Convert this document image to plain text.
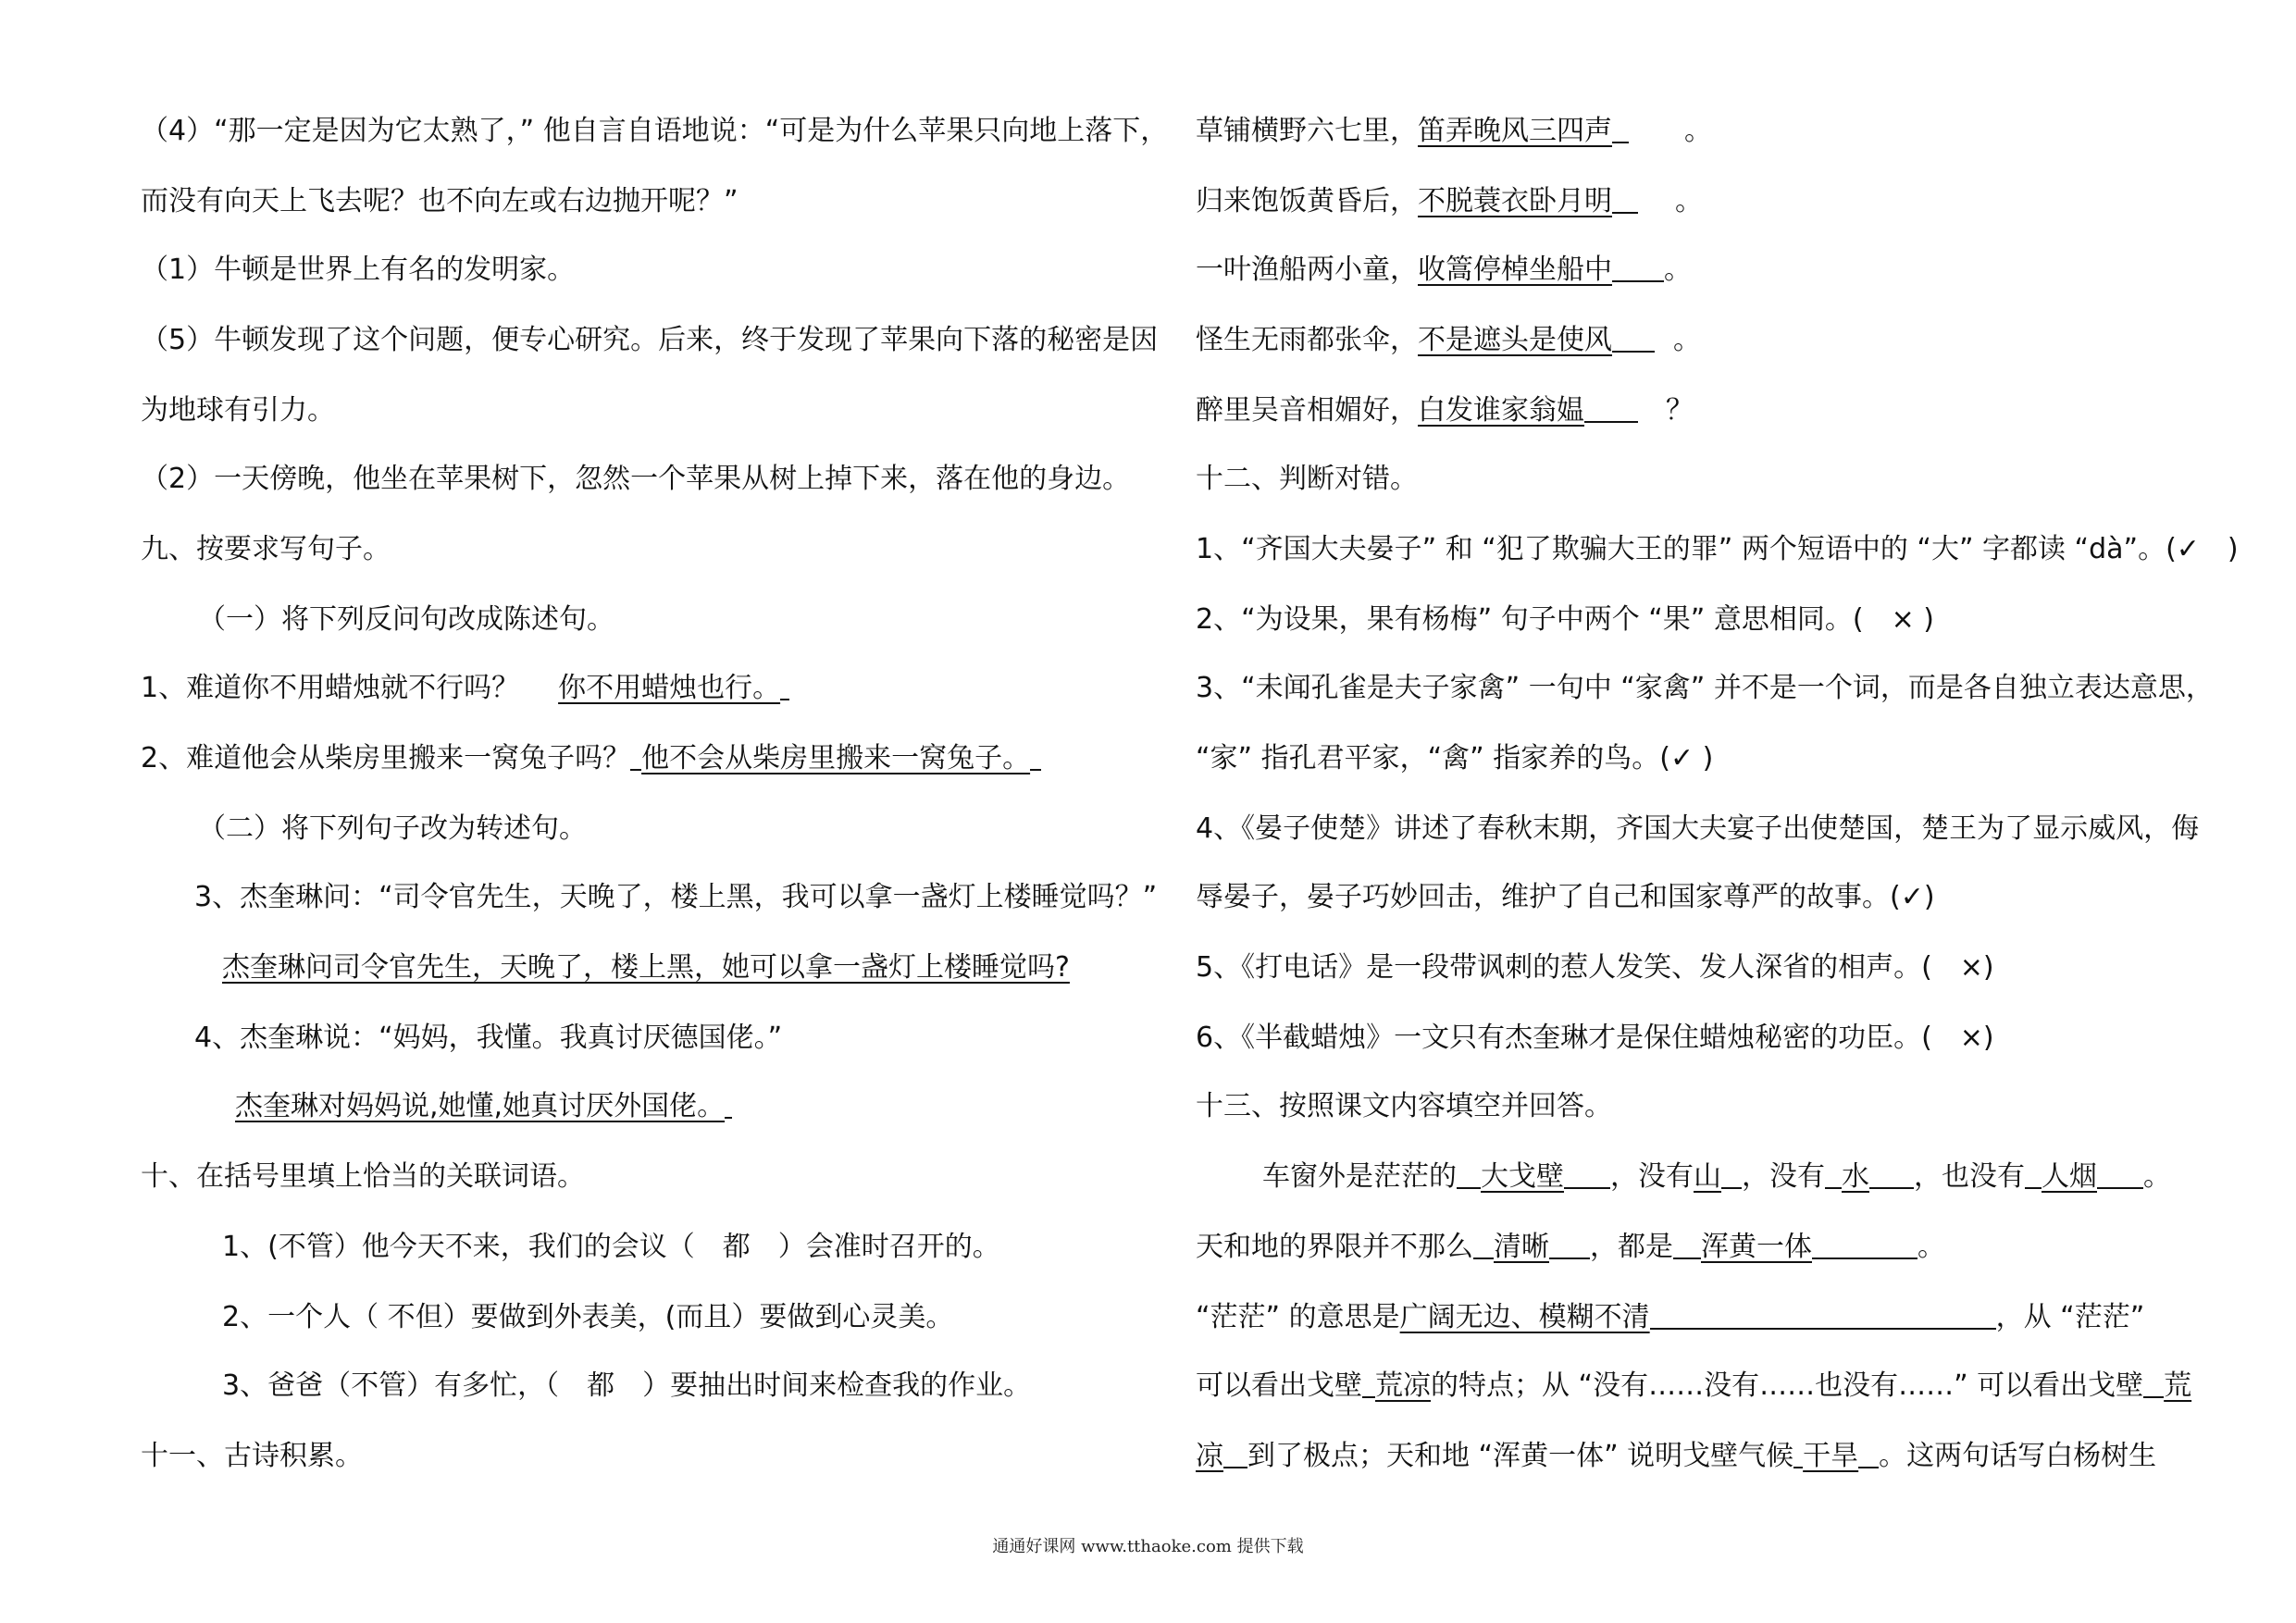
（4）“那一定是因为它太熟了，” 他自言自语地说：“可是为什么苹果只向地上落下，
而没有向天上飞去呢？也不向左或右边抛开呢？”
（1）牛顿是世界上有名的发明家。
（5）牛顿发现了这个问题，便专心研究。后来，终于发现了苹果向下落的秘密是因
为地球有引力。
（2）一天傍晚，他坐在苹果树下，忽然一个苹果从树上掉下来，落在他的身边。
九、按要求写句子。
（一）将下列反问句改成陈述句。
1、难道你不用蜡烛就不行吗？ 你不用蜡烛也行。
2、难道他会从柴房里搬来一窝兔子吗？ 他不会从柴房里搬来一窝兔子。
（二）将下列句子改为转述句。
3、杰奎琳问：“司令官先生，天晚了，楼上黑，我可以拿一盏灯上楼睡觉吗？”
杰奎琳问司令官先生，天晚了，楼上黑，她可以拿一盏灯上楼睡觉吗?
4、杰奎琳说：“妈妈，我懂。我真讨厌德国佬。”
杰奎琳对妈妈说,她懂,她真讨厌外国佬。
十、在括号里填上恰当的关联词语。
1、(不管）他今天不来，我们的会议（　都　）会准时召开的。
2、一个人（ 不但）要做到外表美，(而且）要做到心灵美。
3、爸爸（不管）有多忙，（　都　）要抽出时间来检查我的作业。
十一、古诗积累。
草铺横野六七里，笛弄晚风三四声	。
归来饱饭黄昏后，不脱蓑衣卧月明 。
一叶渔船两小童，收篙停棹坐船中 。
怪生无雨都张伞，不是遮头是使风 。
醉里吴音相媚好，白发谁家翁媪	？
十二、判断对错。
1、“齐国大夫晏子” 和 “犯了欺骗大王的罪” 两个短语中的 “大” 字都读 “dà”。(✓　)
2、“为设果，果有杨梅” 句子中两个 “果” 意思相同。(　× )
3、“未闻孔雀是夫子家禽” 一句中 “家禽” 并不是一个词，而是各自独立表达意思，
“家” 指孔君平家，“禽” 指家养的鸟。(✓ )
4、《晏子使楚》讲述了春秋末期，齐国大夫宴子出使楚国，楚王为了显示威风，侮
辱晏子，晏子巧妙回击，维护了自己和国家尊严的故事。(✓)
5、《打电话》是一段带讽刺的惹人发笑、发人深省的相声。(　×)
6、《半截蜡烛》一文只有杰奎琳才是保住蜡烛秘密的功臣。(　×)
十三、按照课文内容填空并回答。
车窗外是茫茫的 大戈壁 ，没有山 ，没有 水 ，也没有 人烟 。
天和地的界限并不那么 清晰 ，都是 浑黄一体	。
“茫茫” 的意思是广阔无边、模糊不清	，从 “茫茫”
可以看出戈壁 荒凉的特点；从 “没有……没有……也没有……” 可以看出戈壁 荒
凉 到了极点；天和地 “浑黄一体” 说明戈壁气候 干旱 。这两句话写白杨树生
通通好课网 www.tthaoke.com 提供下载
